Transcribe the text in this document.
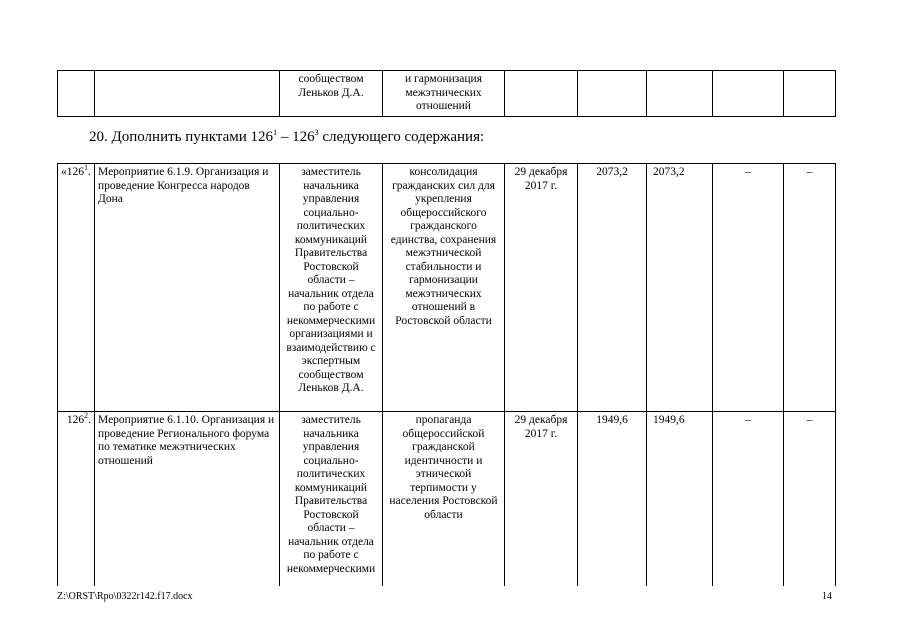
		сообществом Леньков Д.А.	и гармонизация межэтнических отношений					
20. Дополнить пунктами $126^1 - 126^3$ следующего содержания:
«$126^1$.	Мероприятие 6.1.9. Организация и проведение Конгресса народов Дона	заместитель начальника управления социально-политических коммуникаций Правительства Ростовской области – начальник отдела по работе с некоммерческими организациями и взаимодействию с экспертным сообществом Леньков Д.А.	консолидация гражданских сил для укрепления общероссийского гражданского единства, сохранения межэтнической стабильности и гармонизации межэтнических отношений в Ростовской области	29 декабря 2017 г.	2073,2	2073,2	–	–
$126^2$.	Мероприятие 6.1.10. Организация и проведение Регионального форума по тематике межэтнических отношений	заместитель начальника управления социально-политических коммуникаций Правительства Ростовской области – начальник отдела по работе с некоммерческими	пропаганда общероссийской гражданской идентичности и этнической терпимости у населения Ростовской области	29 декабря 2017 г.	1949,6	1949,6	–	–
Z:\ORST\Rpo\0322r142.f17.docx	14
